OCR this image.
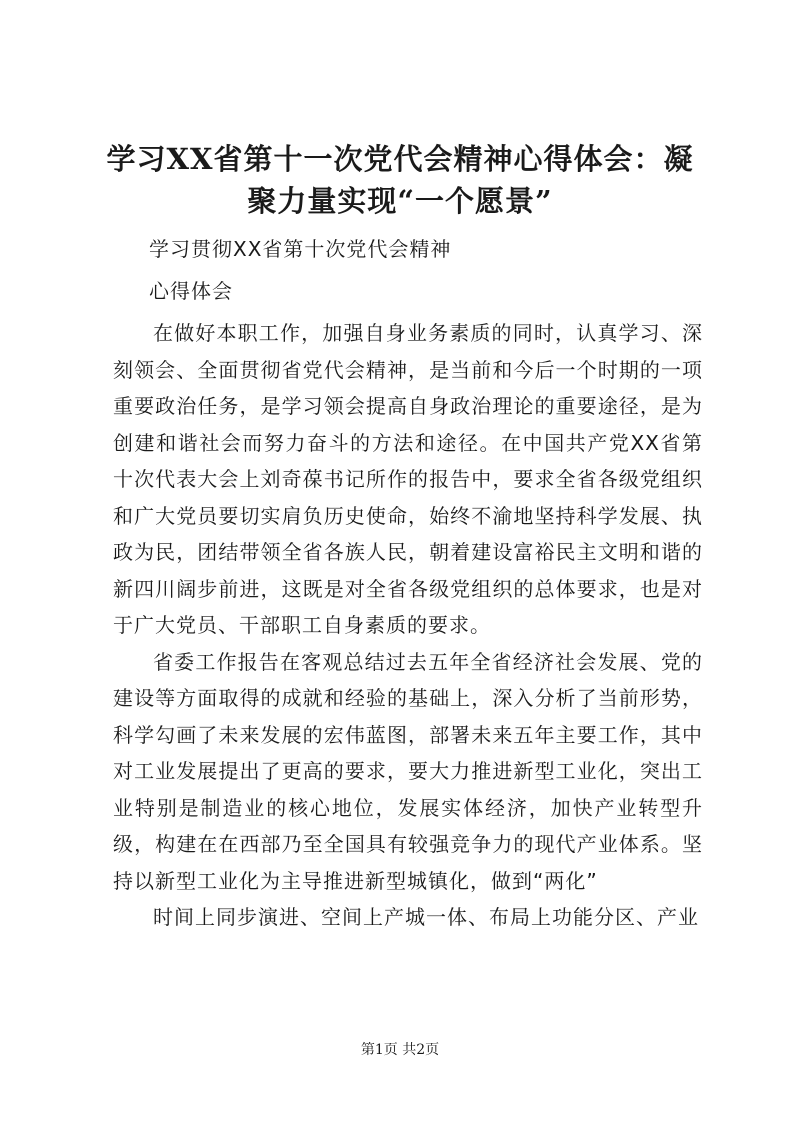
学习XX省第十一次党代会精神心得体会：凝
聚力量实现“一个愿景”
学习贯彻XX省第十次党代会精神
心得体会

在做好本职工作，加强自身业务素质的同时，认真学习、深刻领会、全面贯彻省党代会精神，是当前和今后一个时期的一项重要政治任务，是学习领会提高自身政治理论的重要途径，是为创建和谐社会而努力奋斗的方法和途径。在中国共产党XX省第十次代表大会上刘奇葆书记所作的报告中，要求全省各级党组织和广大党员要切实肩负历史使命，始终不渝地坚持科学发展、执政为民，团结带领全省各族人民，朝着建设富裕民主文明和谐的新四川阔步前进，这既是对全省各级党组织的总体要求，也是对于广大党员、干部职工自身素质的要求。

省委工作报告在客观总结过去五年全省经济社会发展、党的建设等方面取得的成就和经验的基础上，深入分析了当前形势，科学勾画了未来发展的宏伟蓝图，部署未来五年主要工作，其中对工业发展提出了更高的要求，要大力推进新型工业化，突出工业特别是制造业的核心地位，发展实体经济，加快产业转型升级，构建在在西部乃至全国具有较强竞争力的现代产业体系。坚持以新型工业化为主导推进新型城镇化，做到“两化”

时间上同步演进、空间上产城一体、布局上功能分区、产业

第1页 共2页
